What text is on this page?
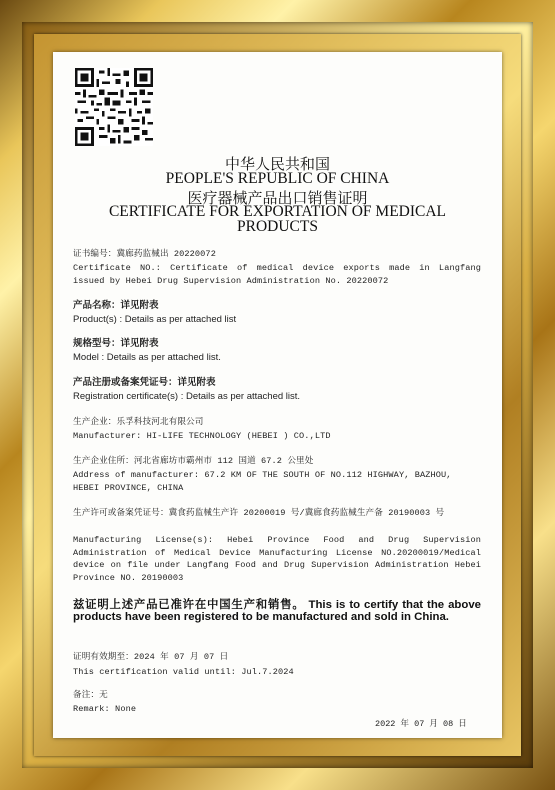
中华人民共和国
PEOPLE'S REPUBLIC OF CHINA
医疗器械产品出口销售证明
CERTIFICATE FOR EXPORTATION OF MEDICAL PRODUCTS
证书编号：冀廊药监械出 20220072
Certificate NO.: Certificate of medical device exports made in Langfang issued by Hebei Drug Supervision Administration No. 20220072
产品名称：详见附表
Product(s) : Details as per attached list
规格型号：详见附表
Model : Details as per attached list.
产品注册或备案凭证号：详见附表
Registration certificate(s) : Details as per attached list.
生产企业：乐孚科技河北有限公司
Manufacturer: HI-LIFE TECHNOLOGY (HEBEI ) CO.,LTD
生产企业住所：河北省廊坊市霸州市 112 国道 67.2 公里处
Address of manufacturer: 67.2 KM OF THE SOUTH OF NO.112 HIGHWAY, BAZHOU, HEBEI PROVINCE, CHINA
生产许可或备案凭证号：冀食药监械生产许 20200019 号/冀廊食药监械生产备 20190003 号
Manufacturing License(s): Hebei Province Food and Drug Supervision Administration of Medical Device Manufacturing License NO.20200019/Medical device on file under Langfang Food and Drug Supervision Administration Hebei Province NO. 20190003
兹证明上述产品已准许在中国生产和销售。 This is to certify that the above products have been registered to be manufactured and sold in China.
证明有效期至：2024 年 07 月 07 日
This certification valid until: Jul.7.2024
备注：无
Remark: None
2022 年 07 月 08 日
